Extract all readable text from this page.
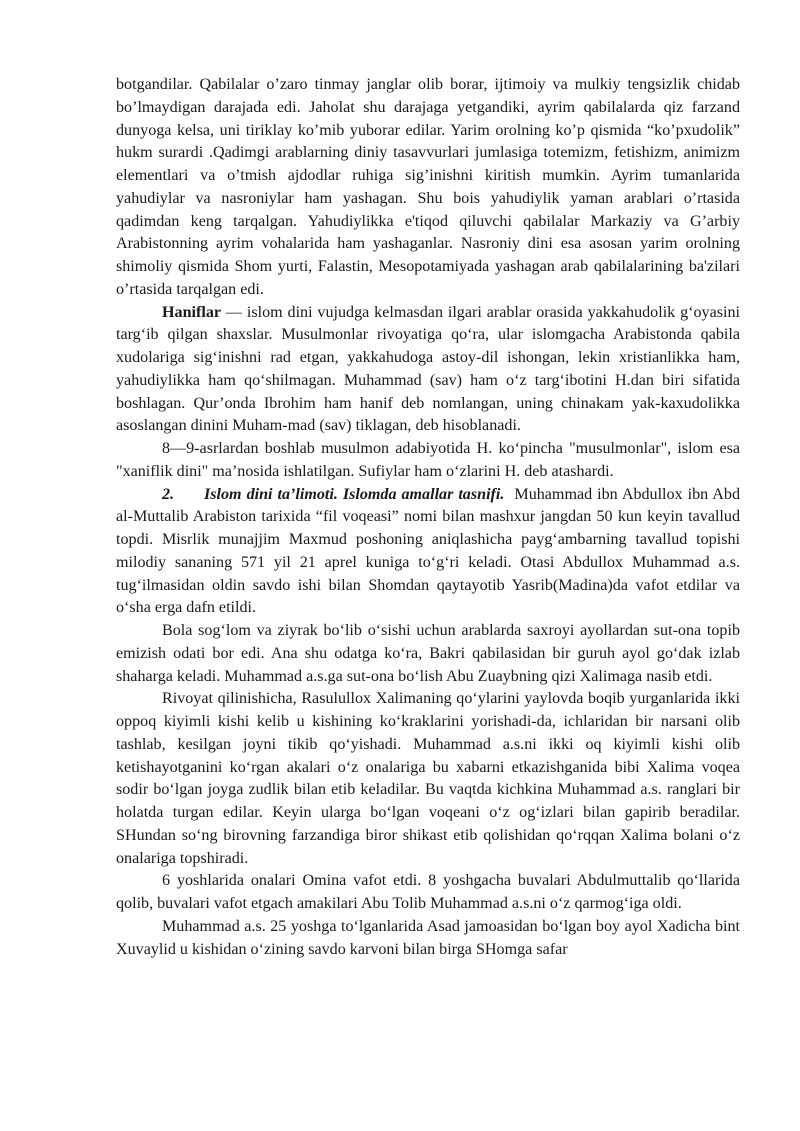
botgandilar. Qabilalar o’zaro tinmay janglar olib borar, ijtimoiy va mulkiy tengsizlik chidab bo’lmaydigan darajada edi. Jaholat shu darajaga yetgandiki, ayrim qabilalarda qiz farzand dunyoga kelsa, uni tiriklay ko’mib yuborar edilar. Yarim orolning ko’p qismida “ko’pxudolik” hukm surardi .Qadimgi arablarning diniy tasavvurlari jumlasiga totemizm, fetishizm, animizm elementlari va o’tmish ajdodlar ruhiga sig’inishni kiritish mumkin. Ayrim tumanlarida yahudiylar va nasroniylar ham yashagan. Shu bois yahudiylik yaman arablari o’rtasida qadimdan keng tarqalgan. Yahudiylikka e'tiqod qiluvchi qabilalar Markaziy va G’arbiy Arabistonning ayrim vohalarida ham yashaganlar. Nasroniy dini esa asosan yarim orolning shimoliy qismida Shom yurti, Falastin, Mesopotamiyada yashagan arab qabilalarining ba'zilari o’rtasida tarqalgan edi.

Haniflar — islom dini vujudga kelmasdan ilgari arablar orasida yakkahudolik g‘oyasini targ‘ib qilgan shaxslar. Musulmonlar rivoyatiga qo‘ra, ular islomgacha Arabistonda qabila xudolariga sig‘inishni rad etgan, yakkahudoga astoy-dil ishongan, lekin xristianlikka ham, yahudiylikka ham qo‘shilmagan. Muhammad (sav) ham o‘z targ‘ibotini H.dan biri sifatida boshlagan. Qur’onda Ibrohim ham hanif deb nomlangan, uning chinakam yak-kaxudolikka asoslangan dinini Muham-mad (sav) tiklagan, deb hisoblanadi.

8—9-asrlardan boshlab musulmon adabiyotida H. ko‘pincha "musulmonlar", islom esa "xaniflik dini" ma’nosida ishlatilgan. Sufiylar ham o‘zlarini H. deb atashardi.

2.      Islom dini ta’limoti. Islomda amallar tasnifi.  Muhammad ibn Abdullox ibn Abd al-Muttalib Arabiston tarixida “fil voqeasi” nomi bilan mashxur jangdan 50 kun keyin tavallud topdi. Misrlik munajjim Maxmud poshoning aniqlashicha payg‘ambarning tavallud topishi milodiy sananing 571 yil 21 aprel kuniga to‘g‘ri keladi. Otasi Abdullox Muhammad a.s. tug‘ilmasidan oldin savdo ishi bilan Shomdan qaytayotib Yasrib(Madina)da vafot etdilar va o‘sha erga dafn etildi.

Bola sog‘lom va ziyrak bo‘lib o‘sishi uchun arablarda saxroyi ayollardan sut-ona topib emizish odati bor edi. Ana shu odatga ko‘ra, Bakri qabilasidan bir guruh ayol go‘dak izlab shaharga keladi. Muhammad a.s.ga sut-ona bo‘lish Abu Zuaybning qizi Xalimaga nasib etdi.

Rivoyat qilinishicha, Rasulullox Xalimaning qo‘ylarini yaylovda boqib yurganlarida ikki oppoq kiyimli kishi kelib u kishining ko‘kraklarini yorishadi-da, ichlaridan bir narsani olib tashlab, kesilgan joyni tikib qo‘yishadi. Muhammad a.s.ni ikki oq kiyimli kishi olib ketishayotganini ko‘rgan akalari o‘z onalariga bu xabarni etkazishganida bibi Xalima voqea sodir bo‘lgan joyga zudlik bilan etib keladilar. Bu vaqtda kichkina Muhammad a.s. ranglari bir holatda turgan edilar. Keyin ularga bo‘lgan voqeani o‘z og‘izlari bilan gapirib beradilar. SHundan so‘ng birovning farzandiga biror shikast etib qolishidan qo‘rqqan Xalima bolani o‘z onalariga topshiradi.

6 yoshlarida onalari Omina vafot etdi. 8 yoshgacha buvalari Abdulmuttalib qo‘llarida qolib, buvalari vafot etgach amakilari Abu Tolib Muhammad a.s.ni o‘z qarmog‘iga oldi.

Muhammad a.s. 25 yoshga to‘lganlarida Asad jamoasidan bo‘lgan boy ayol Xadicha bint Xuvaylid u kishidan o‘zining savdo karvoni bilan birga SHomga safar
